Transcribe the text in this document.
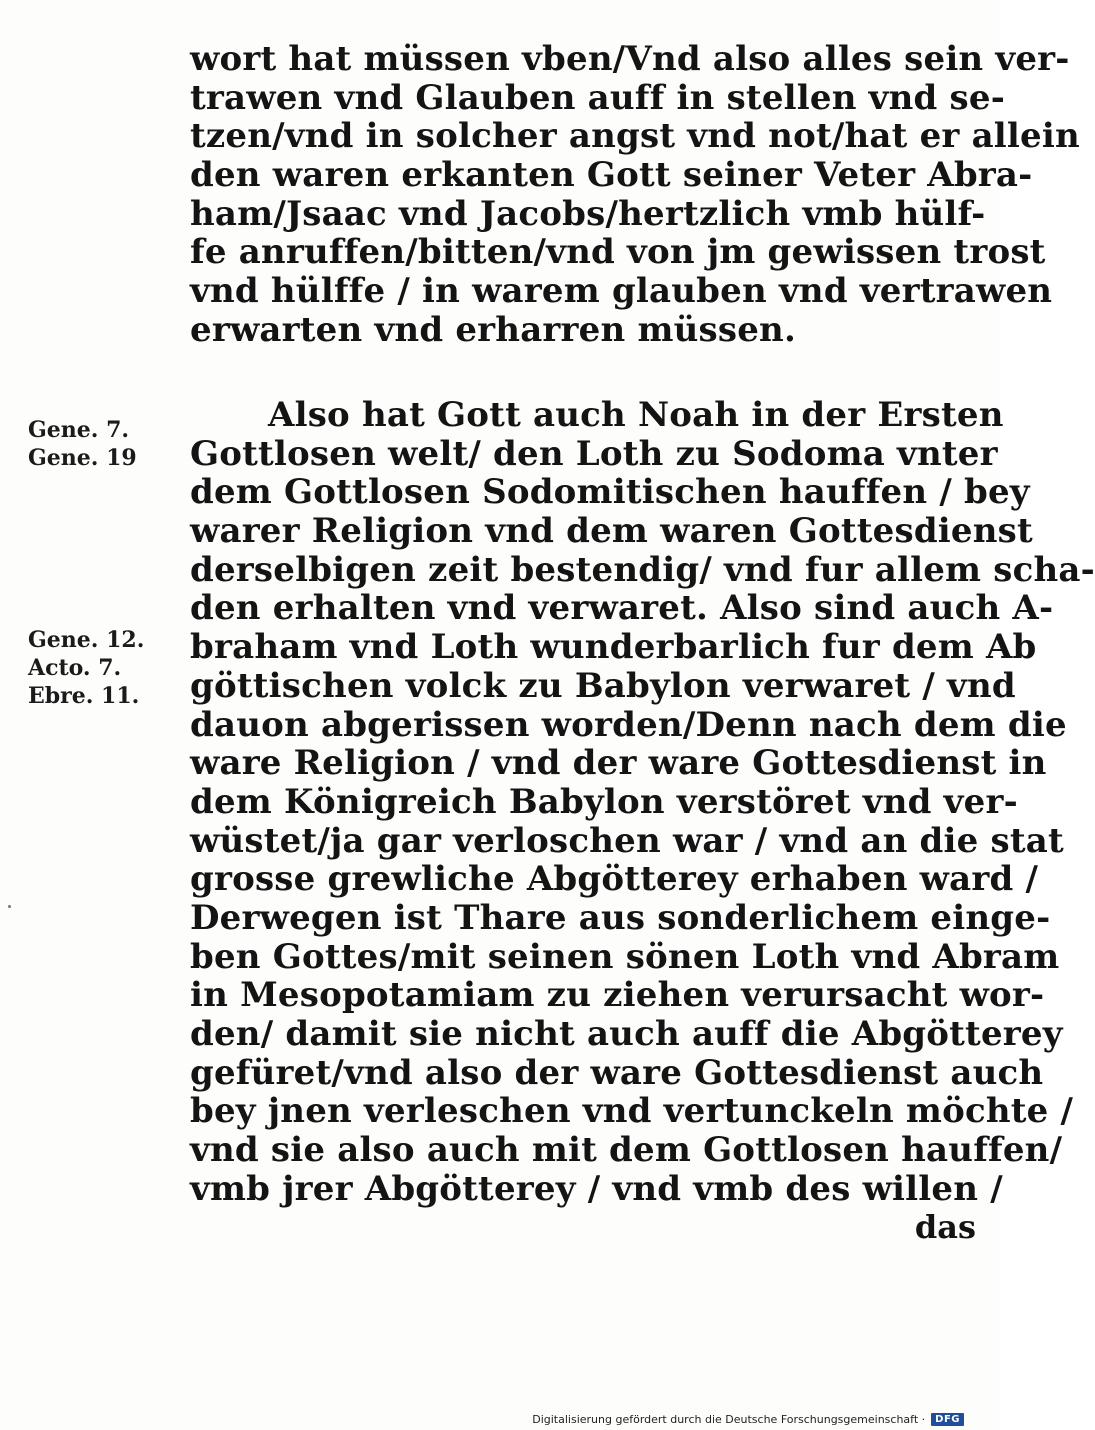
wort hat müssen vben/Vnd also alles sein ver-
trawen vnd Glauben auff in stellen vnd se-
tzen/vnd in solcher angst vnd not/hat er allein
den waren erkanten Gott seiner Veter Abra-
ham/Jsaac vnd Jacobs/hertzlich vmb hülf-
fe anruffen/bitten/vnd von jm gewissen trost
vnd hülffe / in warem glauben vnd vertrawen
erwarten vnd erharren müssen.
Gene. 7.
Gene. 19
Gene. 12.
Acto. 7.
Ebre. 11.
Also hat Gott auch Noah in der Ersten
Gottlosen welt/ den Loth zu Sodoma vnter
dem Gottlosen Sodomitischen hauffen / bey
warer Religion vnd dem waren Gottesdienst
derselbigen zeit bestendig/ vnd fur allem scha-
den erhalten vnd verwaret. Also sind auch A-
braham vnd Loth wunderbarlich fur dem Ab
göttischen volck zu Babylon verwaret / vnd
dauon abgerissen worden/Denn nach dem die
ware Religion / vnd der ware Gottesdienst in
dem Königreich Babylon verstöret vnd ver-
wüstet/ja gar verloschen war / vnd an die stat
grosse grewliche Abgötterey erhaben ward /
Derwegen ist Thare aus sonderlichem einge-
ben Gottes/mit seinen sönen Loth vnd Abram
in Mesopotamiam zu ziehen verursacht wor-
den/ damit sie nicht auch auff die Abgötterey
gefüret/vnd also der ware Gottesdienst auch
bey jnen verleschen vnd vertunckeln möchte /
vnd sie also auch mit dem Gottlosen hauffen/
vmb jrer Abgötterey / vnd vmb des willen /
das
Digitalisierung gefördert durch die Deutsche Forschungsgemeinschaft ·	DFG
